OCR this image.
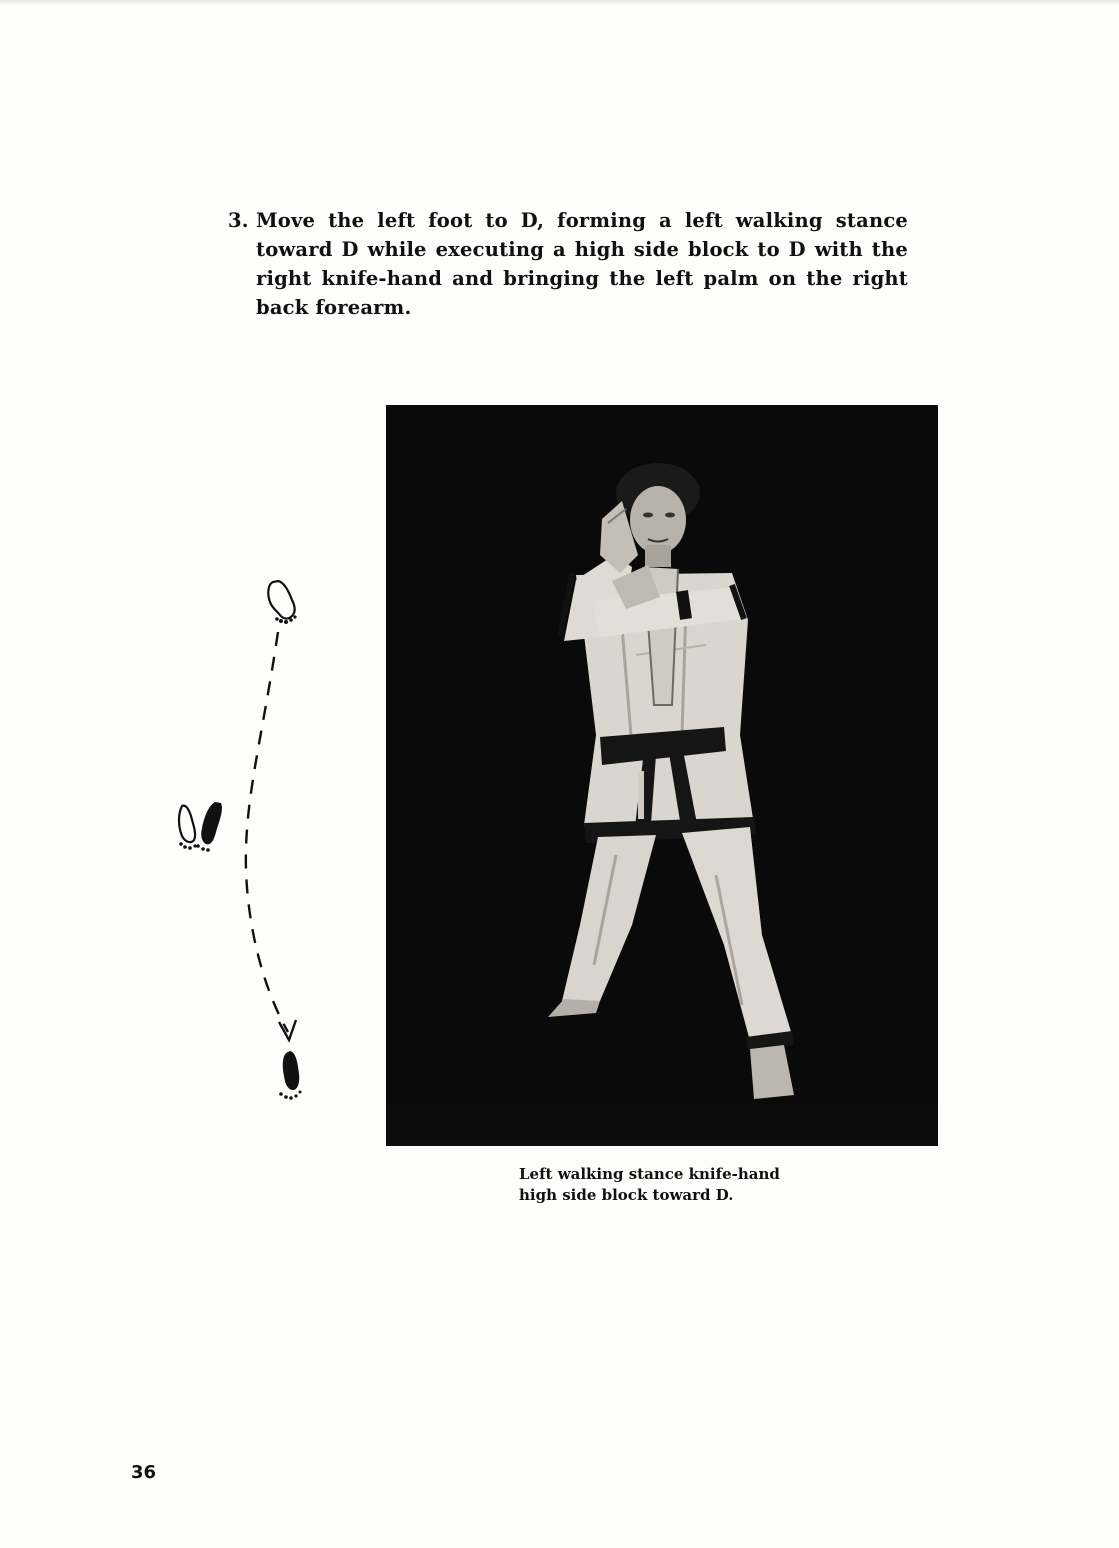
3. Move the left foot to D, forming a left walking stance toward D while executing a high side block to D with the right knife-hand and bringing the left palm on the right back forearm.
Left walking stance knife-hand
high side block toward D.
36
